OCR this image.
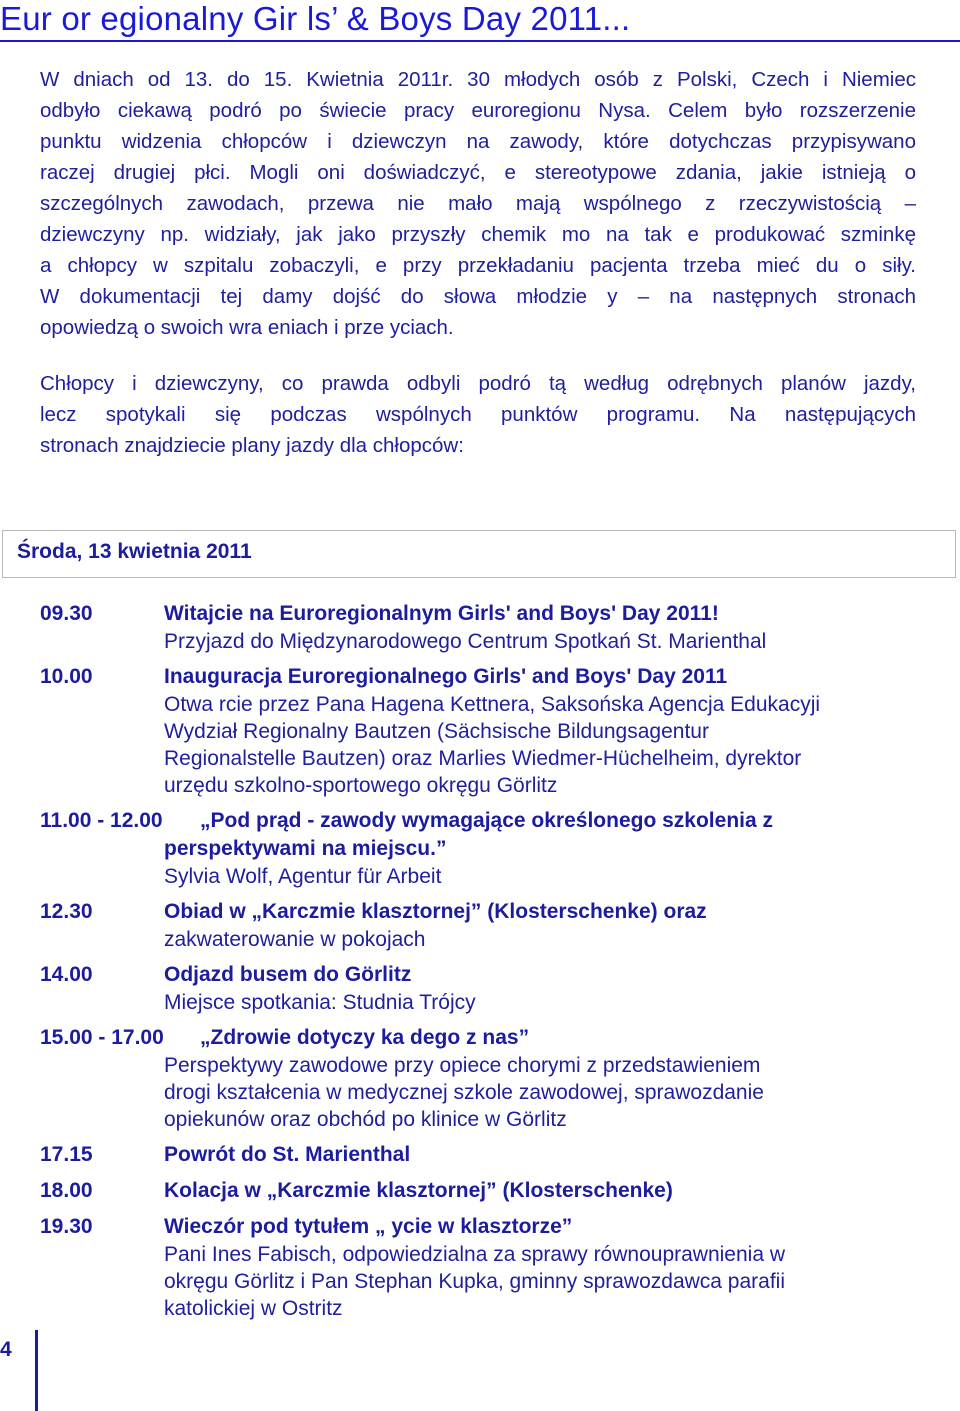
Eur or egionalny Gir ls’ & Boys Day 2011...

W dniach od 13. do 15. Kwietnia 2011r. 30 młodych osób z Polski, Czech i Niemiec
odbyło ciekawą podró po świecie pracy euroregionu Nysa. Celem było rozszerzenie
punktu widzenia chłopców i dziewczyn na zawody, które dotychczas przypisywano
raczej drugiej płci. Mogli oni doświadczyć, e stereotypowe zdania, jakie istnieją o
szczególnych zawodach, przewa nie mało mają wspólnego z rzeczywistością –
dziewczyny np. widziały, jak jako przyszły chemik mo na tak e produkować szminkę
a chłopcy w szpitalu zobaczyli, e przy przekładaniu pacjenta trzeba mieć du o siły.
W dokumentacji tej damy dojść do słowa młodzie y – na następnych stronach
opowiedzą o swoich wra eniach i prze yciach.

Chłopcy i dziewczyny, co prawda odbyli podró tą według odrębnych planów jazdy,
lecz spotykali się podczas wspólnych punktów programu. Na następujących
stronach znajdziecie plany jazdy dla chłopców:

Środa, 13 kwietnia 2011
09.30	Witajcie na Euroregionalnym Girls' and Boys' Day 2011!
Przyjazd do Międzynarodowego Centrum Spotkań St. Marienthal
10.00	Inauguracja Euroregionalnego Girls' and Boys' Day 2011
Otwa rcie przez Pana Hagena Kettnera, Saksońska Agencja Edukacyji
Wydział Regionalny Bautzen (Sächsische Bildungsagentur
Regionalstelle Bautzen) oraz Marlies Wiedmer-Hüchelheim, dyrektor
urzędu szkolno-sportowego okręgu Görlitz
11.00 - 12.00 „Pod prąd - zawody wymagające określonego szkolenia z
perspektywami na miejscu.”
Sylvia Wolf, Agentur für Arbeit
12.30	Obiad w „Karczmie klasztornej” (Klosterschenke) oraz
zakwaterowanie w pokojach
14.00	Odjazd busem do Görlitz
Miejsce spotkania: Studnia Trójcy
15.00 - 17.00 „Zdrowie dotyczy ka dego z nas”
Perspektywy zawodowe przy opiece chorymi z przedstawieniem
drogi kształcenia w medycznej szkole zawodowej, sprawozdanie
opiekunów oraz obchód po klinice w Görlitz
17.15	Powrót do St. Marienthal
18.00	Kolacja w „Karczmie klasztornej” (Klosterschenke)
19.30	Wieczór pod tytułem „ ycie w klasztorze”
Pani Ines Fabisch, odpowiedzialna za sprawy równouprawnienia w
okręgu Görlitz i Pan Stephan Kupka, gminny sprawozdawca parafii
katolickiej w Ostritz
4
